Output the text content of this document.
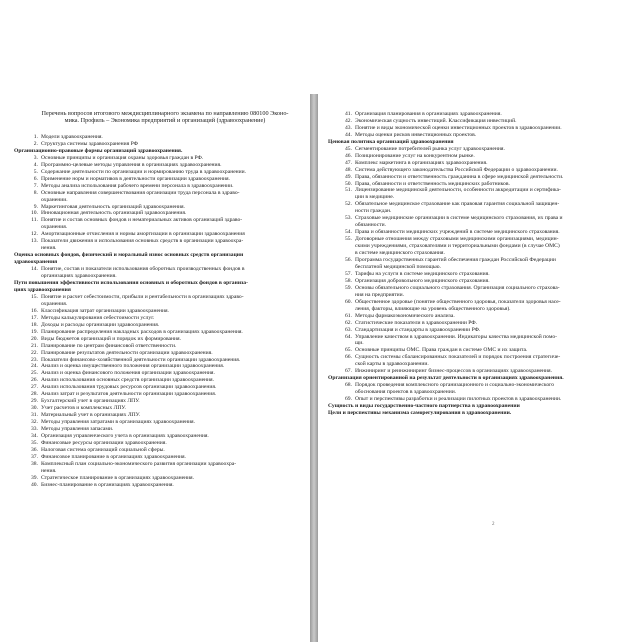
Перечень вопросов итогового междисциплинарного экзамена по направлению 080100 Эконо-
мика. Профиль – Экономика предприятий и организаций (здравоохранение)
1. Модели здравоохранения.
2. Структура системы здравоохранения РФ
Организационно-правовые формы организаций здравоохранения.
3. Основные принципы и организация охраны здоровья граждан в РФ.
4. Программно-целевые методы управления в организациях здравоохранения.
5. Содержание деятельности по организации и нормированию труда в здравоохранении.
6. Применение норм и нормативов в деятельности организации здравоохранения.
7. Методы анализа использования рабочего времени персонала в здравоохранении.
8. Основные направления совершенствования организации труда персонала в здраво-
охранении.
9. Маркетинговая деятельность организаций здравоохранения.
10. Инновационная деятельность организаций здравоохранения.
11. Понятие и состав основных фондов и нематериальных активов организаций здраво-
охранения.
12. Амортизационные отчисления и нормы амортизации в организации здравоохранения
13. Показатели движения и использования основных средств в организации здравоохра-
нения.
Оценка основных фондов, физический и моральный износ основных средств организации
здравоохранения
14. Понятие, состав и показатели использования оборотных производственных фондов в
организациях здравоохранения.
Пути повышения эффективности использования основных и оборотных фондов в организа-
циях здравоохранения
15. Понятие и расчет себестоимости, прибыли и рентабельности в организациях здраво-
охранения.
16. Классификация затрат организации здравоохранения.
17. Методы калькулирования себестоимости услуг.
18. Доходы и расходы организации здравоохранения.
19. Планирование распределения накладных расходов в организациях здравоохранения.
20. Виды бюджетов организаций и порядок их формирования.
21. Планирование по центрам финансовой ответственности.
22. Планирование результатов деятельности организации здравоохранения.
23. Показатели финансово-хозяйственной деятельности организации здравоохранения.
24. Анализ и оценка имущественного положения организации здравоохранения.
25. Анализ и оценка финансового положения организации здравоохранения.
26. Анализ использования основных средств организации здравоохранения.
27. Анализ использования трудовых ресурсов организации здравоохранения.
28. Анализ затрат и результатов деятельности организации здравоохранения.
29. Бухгалтерский учет в организациях ЛПУ.
30. Учет расчетов и комплексных ЛПУ.
31. Материальный учет в организациях ЛПУ.
32. Методы управления затратами в организациях здравоохранения.
33. Методы управления запасами.
34. Организация управленческого учета в организациях здравоохранения.
35. Финансовые ресурсы организации здравоохранения.
36. Налоговая система организаций социальной сферы.
37. Финансовое планирование в организациях здравоохранения.
38. Комплексный план социально-экономического развития организации здравоохра-
нения.
39. Стратегическое планирование в организациях здравоохранения.
40. Бизнес-планирование в организациях здравоохранения.
41. Организация планирования в организациях здравоохранения.
42. Экономическая сущность инвестиций. Классификация инвестиций.
43. Понятие и виды экономической оценки инвестиционных проектов в здравоохранении.
44. Методы оценки рисков инвестиционных проектов.
Ценовая политика организаций здравоохранения
45. Сегментирование потребителей рынка услуг здравоохранения.
46. Позиционирование услуг на конкурентном рынке.
47. Комплекс маркетинга в организациях здравоохранения.
48. Система действующего законодательства Российской Федерации о здравоохранении.
49. Права, обязанности и ответственность гражданина в сфере медицинской деятельности.
50. Права, обязанности и ответственность медицинских работников.
51. Лицензирование медицинской деятельности, особенности аккредитации и сертифика-
ции в медицине.
52. Обязательное медицинское страхование как правовая гарантия социальной защищен-
ности граждан.
53. Страховые медицинские организации в системе медицинского страхования, их права и
обязанности.
54. Права и обязанности медицинских учреждений в системе медицинского страхования.
55. Договорные отношения между страховыми медицинскими организациями, медицин-
скими учреждениями, страхователями и территориальными фондами (в случае ОМС)
в системе медицинского страхования.
56. Программа государственных гарантий обеспечения граждан Российской Федерации
бесплатной медицинской помощью.
57. Тарифы на услуги в системе медицинского страхования.
58. Организация добровольного медицинского страхования.
59. Основы обязательного социального страхования. Организация социального страхова-
ния на предприятии.
60. Общественное здоровье (понятие общественного здоровья, показатели здоровья насе-
ления, факторы, влияющие на уровень общественного здоровья).
61. Методы фармакоэкономического анализа.
62. Статистические показатели в здравоохранении РФ.
63. Стандартизация и стандарты в здравоохранении РФ.
64. Управление качеством в здравоохранении. Индикаторы качества медицинской помо-
щи.
65. Основные принципы ОМС. Права граждан в системе ОМС и их защита.
66. Сущность системы сбалансированных показателей и порядок построения стратегиче-
ской карты в здравоохранении.
67. Инжиниринг и реинжиниринг бизнес-процессов в организациях здравоохранения.
Организация ориентированной на результат деятельности в организациях здравоохранения.
68. Порядок проведения комплексного организационного и социально-экономического
обоснования проектов в здравоохранении.
69. Опыт и перспективы разработки и реализации пилотных проектов в здравоохранении.
Сущность и виды государственно-частного партнерства в здравоохранении
Цели и перспективы механизма саморегулирования в здравоохранении.
2
